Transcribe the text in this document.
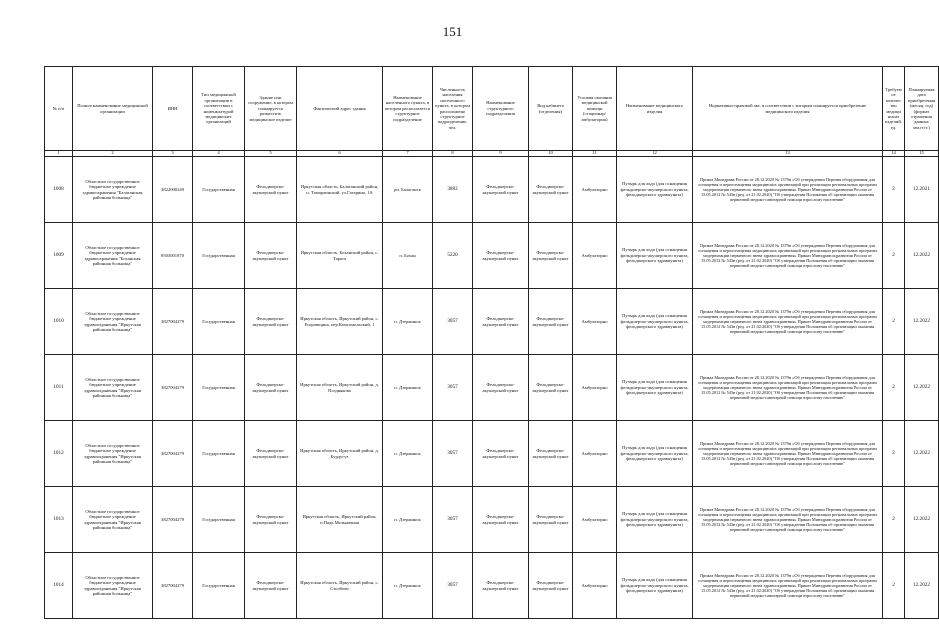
151
№ п/п	Полное наименование медицинской организации	ИНН	Тип медицинской организации в соответствии с номенклатурой медицинских организаций	Здание или сооружение, в котором планируется разместить медицинское изделие	Фактический адрес здания	Наименование населенного пункта, в котором располагается структурное подразделение	Численность населения населенного пункта, в котором расположено структурное подразделение, чел.	Наименование структурного подразделения	Вид кабинета (отделения)	Условия оказания медицинской помощи (стационар/амбулатория)	Наименование медицинского изделия	Нормативно-правовой акт, в соответствии с которым планируется приобретение медицинского изделия	Требуемое количество медицинских изделий, ед.	Планируемая дата приобретения (месяц, год) (формат отражения данных мм.гггг.)
1	2	3	4	5	6	7	8	9	10	11	12	13	14	15
1008	Областное государственное бюджетное учреждение здравоохранения "Балаганская районная больница"	3822000249	Государственная	Фельдшерско-акушерский пункт	Иркутская область, Балаганский район, п. Тамарлинский, ул.Гагарина, 1А	рп. Балаганск	3882	Фельдшерско-акушерский пункт	Фельдшерско-акушерский пункт	Амбулаторно	Пузырь для льда (для оснащения фельдшерско-акушерского пункта, фельдшерского здравпункта)	Приказ Минздрава России от 28.12.2020 № 1379н «Об утверждении Перечня оборудования для оснащения и переоснащения медицинских организаций при реализации региональных программ модернизации первичного звена здравоохранения» Приказ Минздравсоцразвития России от 15.05.2012 № 543н (ред. от 21.02.2020) "Об утверждении Положения об организации оказания первичной медико-санитарной помощи взрослому населению"	2	12.2021
1009	Областное государственное бюджетное учреждение здравоохранения "Боханская районная больница"	8503001870	Государственная	Фельдшерско-акушерский пункт	Иркутская область, Боханский район, с. Тараса	п. Бохан	5220	Фельдшерско-акушерский пункт	Фельдшерско-акушерский пункт	Амбулаторно	Пузырь для льда (для оснащения фельдшерско-акушерского пункта, фельдшерского здравпункта)	Приказ Минздрава России от 28.12.2020 № 1379н «Об утверждении Перечня оборудования для оснащения и переоснащения медицинских организаций при реализации региональных программ модернизации первичного звена здравоохранения» Приказ Минздравсоцразвития России от 15.05.2012 № 543н (ред. от 21.02.2020) "Об утверждении Положения об организации оказания первичной медико-санитарной помощи взрослому населению"	2	12.2022
1010	Областное государственное бюджетное учреждение здравоохранения "Иркутская районная больница"	3827004279	Государственная	Фельдшерско-акушерский пункт	Иркутская область, Иркутский район, с. Егоровщина, пер.Комсомольский, 1	п. Дзержинск	3057	Фельдшерско-акушерский пункт	Фельдшерско-акушерский пункт	Амбулаторно	Пузырь для льда (для оснащения фельдшерско-акушерского пункта, фельдшерского здравпункта)	Приказ Минздрава России от 28.12.2020 № 1379н «Об утверждении Перечня оборудования для оснащения и переоснащения медицинских организаций при реализации региональных программ модернизации первичного звена здравоохранения» Приказ Минздравсоцразвития России от 15.05.2012 № 543н (ред. от 21.02.2020) "Об утверждении Положения об организации оказания первичной медико-санитарной помощи взрослому населению"	2	12.2022
1011	Областное государственное бюджетное учреждение здравоохранения "Иркутская районная больница"	3827004279	Государственная	Фельдшерско-акушерский пункт	Иркутская область, Иркутский район, д. Позднякова	п. Дзержинск	3057	Фельдшерско-акушерский пункт	Фельдшерско-акушерский пункт	Амбулаторно	Пузырь для льда (для оснащения фельдшерско-акушерского пункта, фельдшерского здравпункта)	Приказ Минздрава России от 28.12.2020 № 1379н «Об утверждении Перечня оборудования для оснащения и переоснащения медицинских организаций при реализации региональных программ модернизации первичного звена здравоохранения» Приказ Минздравсоцразвития России от 15.05.2012 № 543н (ред. от 21.02.2020) "Об утверждении Положения об организации оказания первичной медико-санитарной помощи взрослому населению"	2	12.2022
1012	Областное государственное бюджетное учреждение здравоохранения "Иркутская районная больница"	3827004279	Государственная	Фельдшерско-акушерский пункт	Иркутская область, Иркутский район, д. Бурдугуз	п. Дзержинск	3057	Фельдшерско-акушерский пункт	Фельдшерско-акушерский пункт	Амбулаторно	Пузырь для льда (для оснащения фельдшерско-акушерского пункта, фельдшерского здравпункта)	Приказ Минздрава России от 28.12.2020 № 1379н «Об утверждении Перечня оборудования для оснащения и переоснащения медицинских организаций при реализации региональных программ модернизации первичного звена здравоохранения» Приказ Минздравсоцразвития России от 15.05.2012 № 543н (ред. от 21.02.2020) "Об утверждении Положения об организации оказания первичной медико-санитарной помощи взрослому населению"	2	12.2022
1013	Областное государственное бюджетное учреждение здравоохранения "Иркутская районная больница"	3827004279	Государственная	Фельдшерско-акушерский пункт	Иркутская область, Иркутский район, п.Падь Мельничная	п. Дзержинск	3057	Фельдшерско-акушерский пункт	Фельдшерско-акушерский пункт	Амбулаторно	Пузырь для льда (для оснащения фельдшерско-акушерского пункта, фельдшерского здравпункта)	Приказ Минздрава России от 28.12.2020 № 1379н «Об утверждении Перечня оборудования для оснащения и переоснащения медицинских организаций при реализации региональных программ модернизации первичного звена здравоохранения» Приказ Минздравсоцразвития России от 15.05.2012 № 543н (ред. от 21.02.2020) "Об утверждении Положения об организации оказания первичной медико-санитарной помощи взрослому населению"	2	12.2022
1014	Областное государственное бюджетное учреждение здравоохранения "Иркутская районная больница"	3827004279	Государственная	Фельдшерско-акушерский пункт	Иркутская область, Иркутский район, с. Столбово	п. Дзержинск	3057	Фельдшерско-акушерский пункт	Фельдшерско-акушерский пункт	Амбулаторно	Пузырь для льда (для оснащения фельдшерско-акушерского пункта, фельдшерского здравпункта)	Приказ Минздрава России от 28.12.2020 № 1379н «Об утверждении Перечня оборудования для оснащения и переоснащения медицинских организаций при реализации региональных программ модернизации первичного звена здравоохранения» Приказ Минздравсоцразвития России от 15.05.2012 № 543н (ред. от 21.02.2020) "Об утверждении Положения об организации оказания первичной медико-санитарной помощи взрослому населению"	2	12.2022
